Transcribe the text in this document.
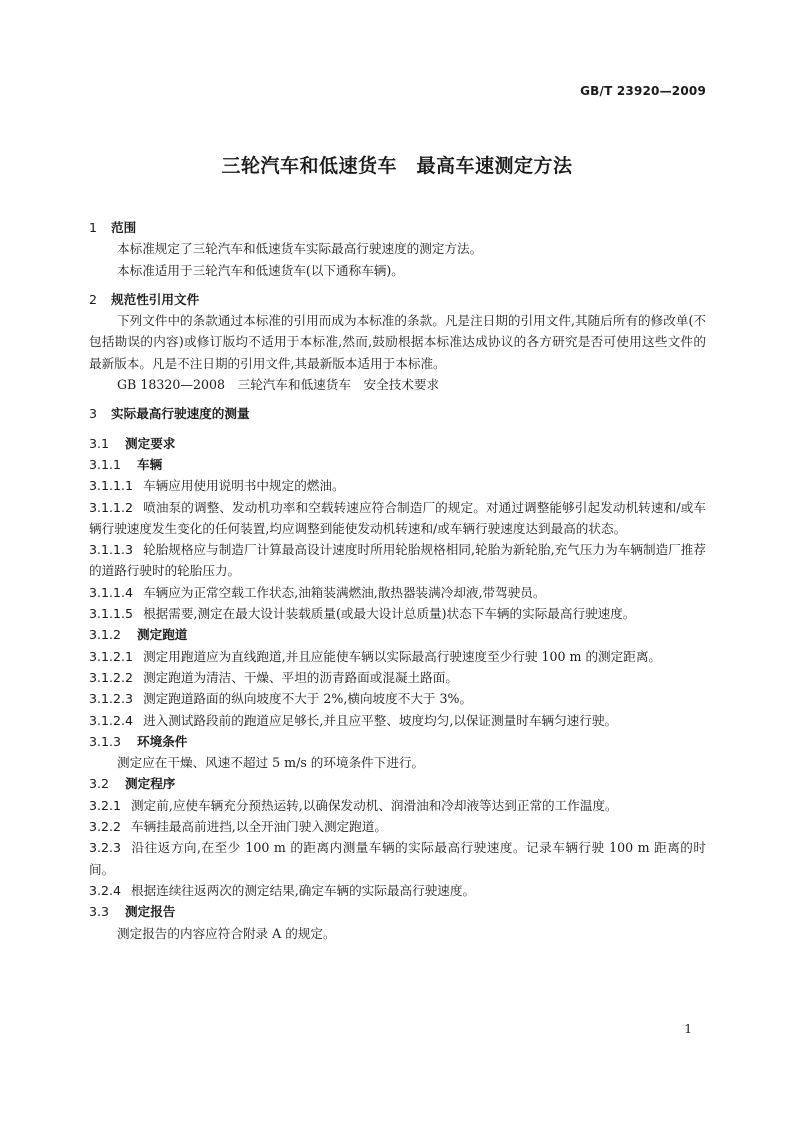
GB/T 23920—2009
三轮汽车和低速货车　最高车速测定方法

1 范围

本标准规定了三轮汽车和低速货车实际最高行驶速度的测定方法。

本标准适用于三轮汽车和低速货车(以下通称车辆)。

2 规范性引用文件

下列文件中的条款通过本标准的引用而成为本标准的条款。凡是注日期的引用文件,其随后所有的修改单(不包括勘误的内容)或修订版均不适用于本标准,然而,鼓励根据本标准达成协议的各方研究是否可使用这些文件的最新版本。凡是不注日期的引用文件,其最新版本适用于本标准。

GB 18320—2008　三轮汽车和低速货车　安全技术要求

3 实际最高行驶速度的测量

3.1 测定要求

3.1.1 车辆

3.1.1.1 车辆应用使用说明书中规定的燃油。

3.1.1.2 喷油泵的调整、发动机功率和空载转速应符合制造厂的规定。对通过调整能够引起发动机转速和/或车辆行驶速度发生变化的任何装置,均应调整到能使发动机转速和/或车辆行驶速度达到最高的状态。

3.1.1.3 轮胎规格应与制造厂计算最高设计速度时所用轮胎规格相同,轮胎为新轮胎,充气压力为车辆制造厂推荐的道路行驶时的轮胎压力。

3.1.1.4 车辆应为正常空载工作状态,油箱装满燃油,散热器装满冷却液,带驾驶员。

3.1.1.5 根据需要,测定在最大设计装载质量(或最大设计总质量)状态下车辆的实际最高行驶速度。

3.1.2 测定跑道

3.1.2.1 测定用跑道应为直线跑道,并且应能使车辆以实际最高行驶速度至少行驶 100 m 的测定距离。

3.1.2.2 测定跑道为清洁、干燥、平坦的沥青路面或混凝土路面。

3.1.2.3 测定跑道路面的纵向坡度不大于 2%,横向坡度不大于 3%。

3.1.2.4 进入测试路段前的跑道应足够长,并且应平整、坡度均匀,以保证测量时车辆匀速行驶。

3.1.3 环境条件

测定应在干燥、风速不超过 5 m/s 的环境条件下进行。

3.2 测定程序

3.2.1 测定前,应使车辆充分预热运转,以确保发动机、润滑油和冷却液等达到正常的工作温度。

3.2.2 车辆挂最高前进挡,以全开油门驶入测定跑道。

3.2.3 沿往返方向,在至少 100 m 的距离内测量车辆的实际最高行驶速度。记录车辆行驶 100 m 距离的时间。

3.2.4 根据连续往返两次的测定结果,确定车辆的实际最高行驶速度。

3.3 测定报告

测定报告的内容应符合附录 A 的规定。

1
